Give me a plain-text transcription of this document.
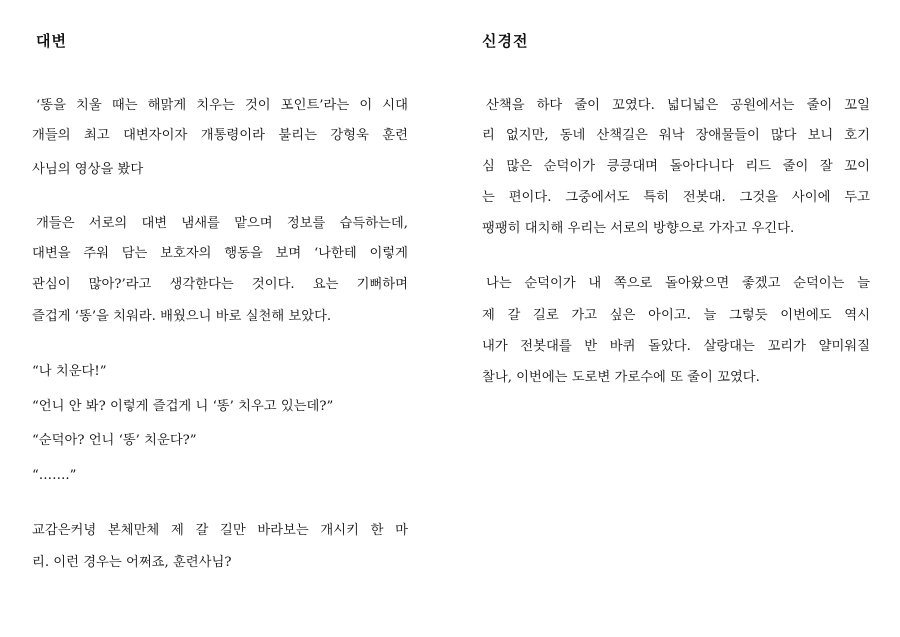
대변

‘똥을 치울 때는 해맑게 치우는 것이 포인트’라는 이 시대

개들의 최고 대변자이자 개통령이라 불리는 강형욱 훈련

사님의 영상을 봤다

개들은 서로의 대변 냄새를 맡으며 정보를 습득하는데,

대변을 주워 담는 보호자의 행동을 보며 ‘나한테 이렇게

관심이 많아?’라고 생각한다는 것이다. 요는 기뻐하며

즐겁게 ‘똥’을 치워라. 배웠으니 바로 실천해 보았다.

“나 치운다!”

“언니 안 봐? 이렇게 즐겁게 니 ‘똥’ 치우고 있는데?”

“순덕아? 언니 ‘똥’ 치운다?”

“…….”

교감은커녕 본체만체 제 갈 길만 바라보는 개시키 한 마

리. 이런 경우는 어쩌죠, 훈련사님?

신경전

산책을 하다 줄이 꼬였다. 넓디넓은 공원에서는 줄이 꼬일

리 없지만, 동네 산책길은 워낙 장애물들이 많다 보니 호기

심 많은 순덕이가 킁킁대며 돌아다니다 리드 줄이 잘 꼬이

는 편이다. 그중에서도 특히 전봇대. 그것을 사이에 두고

팽팽히 대치해 우리는 서로의 방향으로 가자고 우긴다.

나는 순덕이가 내 쪽으로 돌아왔으면 좋겠고 순덕이는 늘

제 갈 길로 가고 싶은 아이고. 늘 그렇듯 이번에도 역시

내가 전봇대를 반 바퀴 돌았다. 살랑대는 꼬리가 얄미워질

찰나, 이번에는 도로변 가로수에 또 줄이 꼬였다.
